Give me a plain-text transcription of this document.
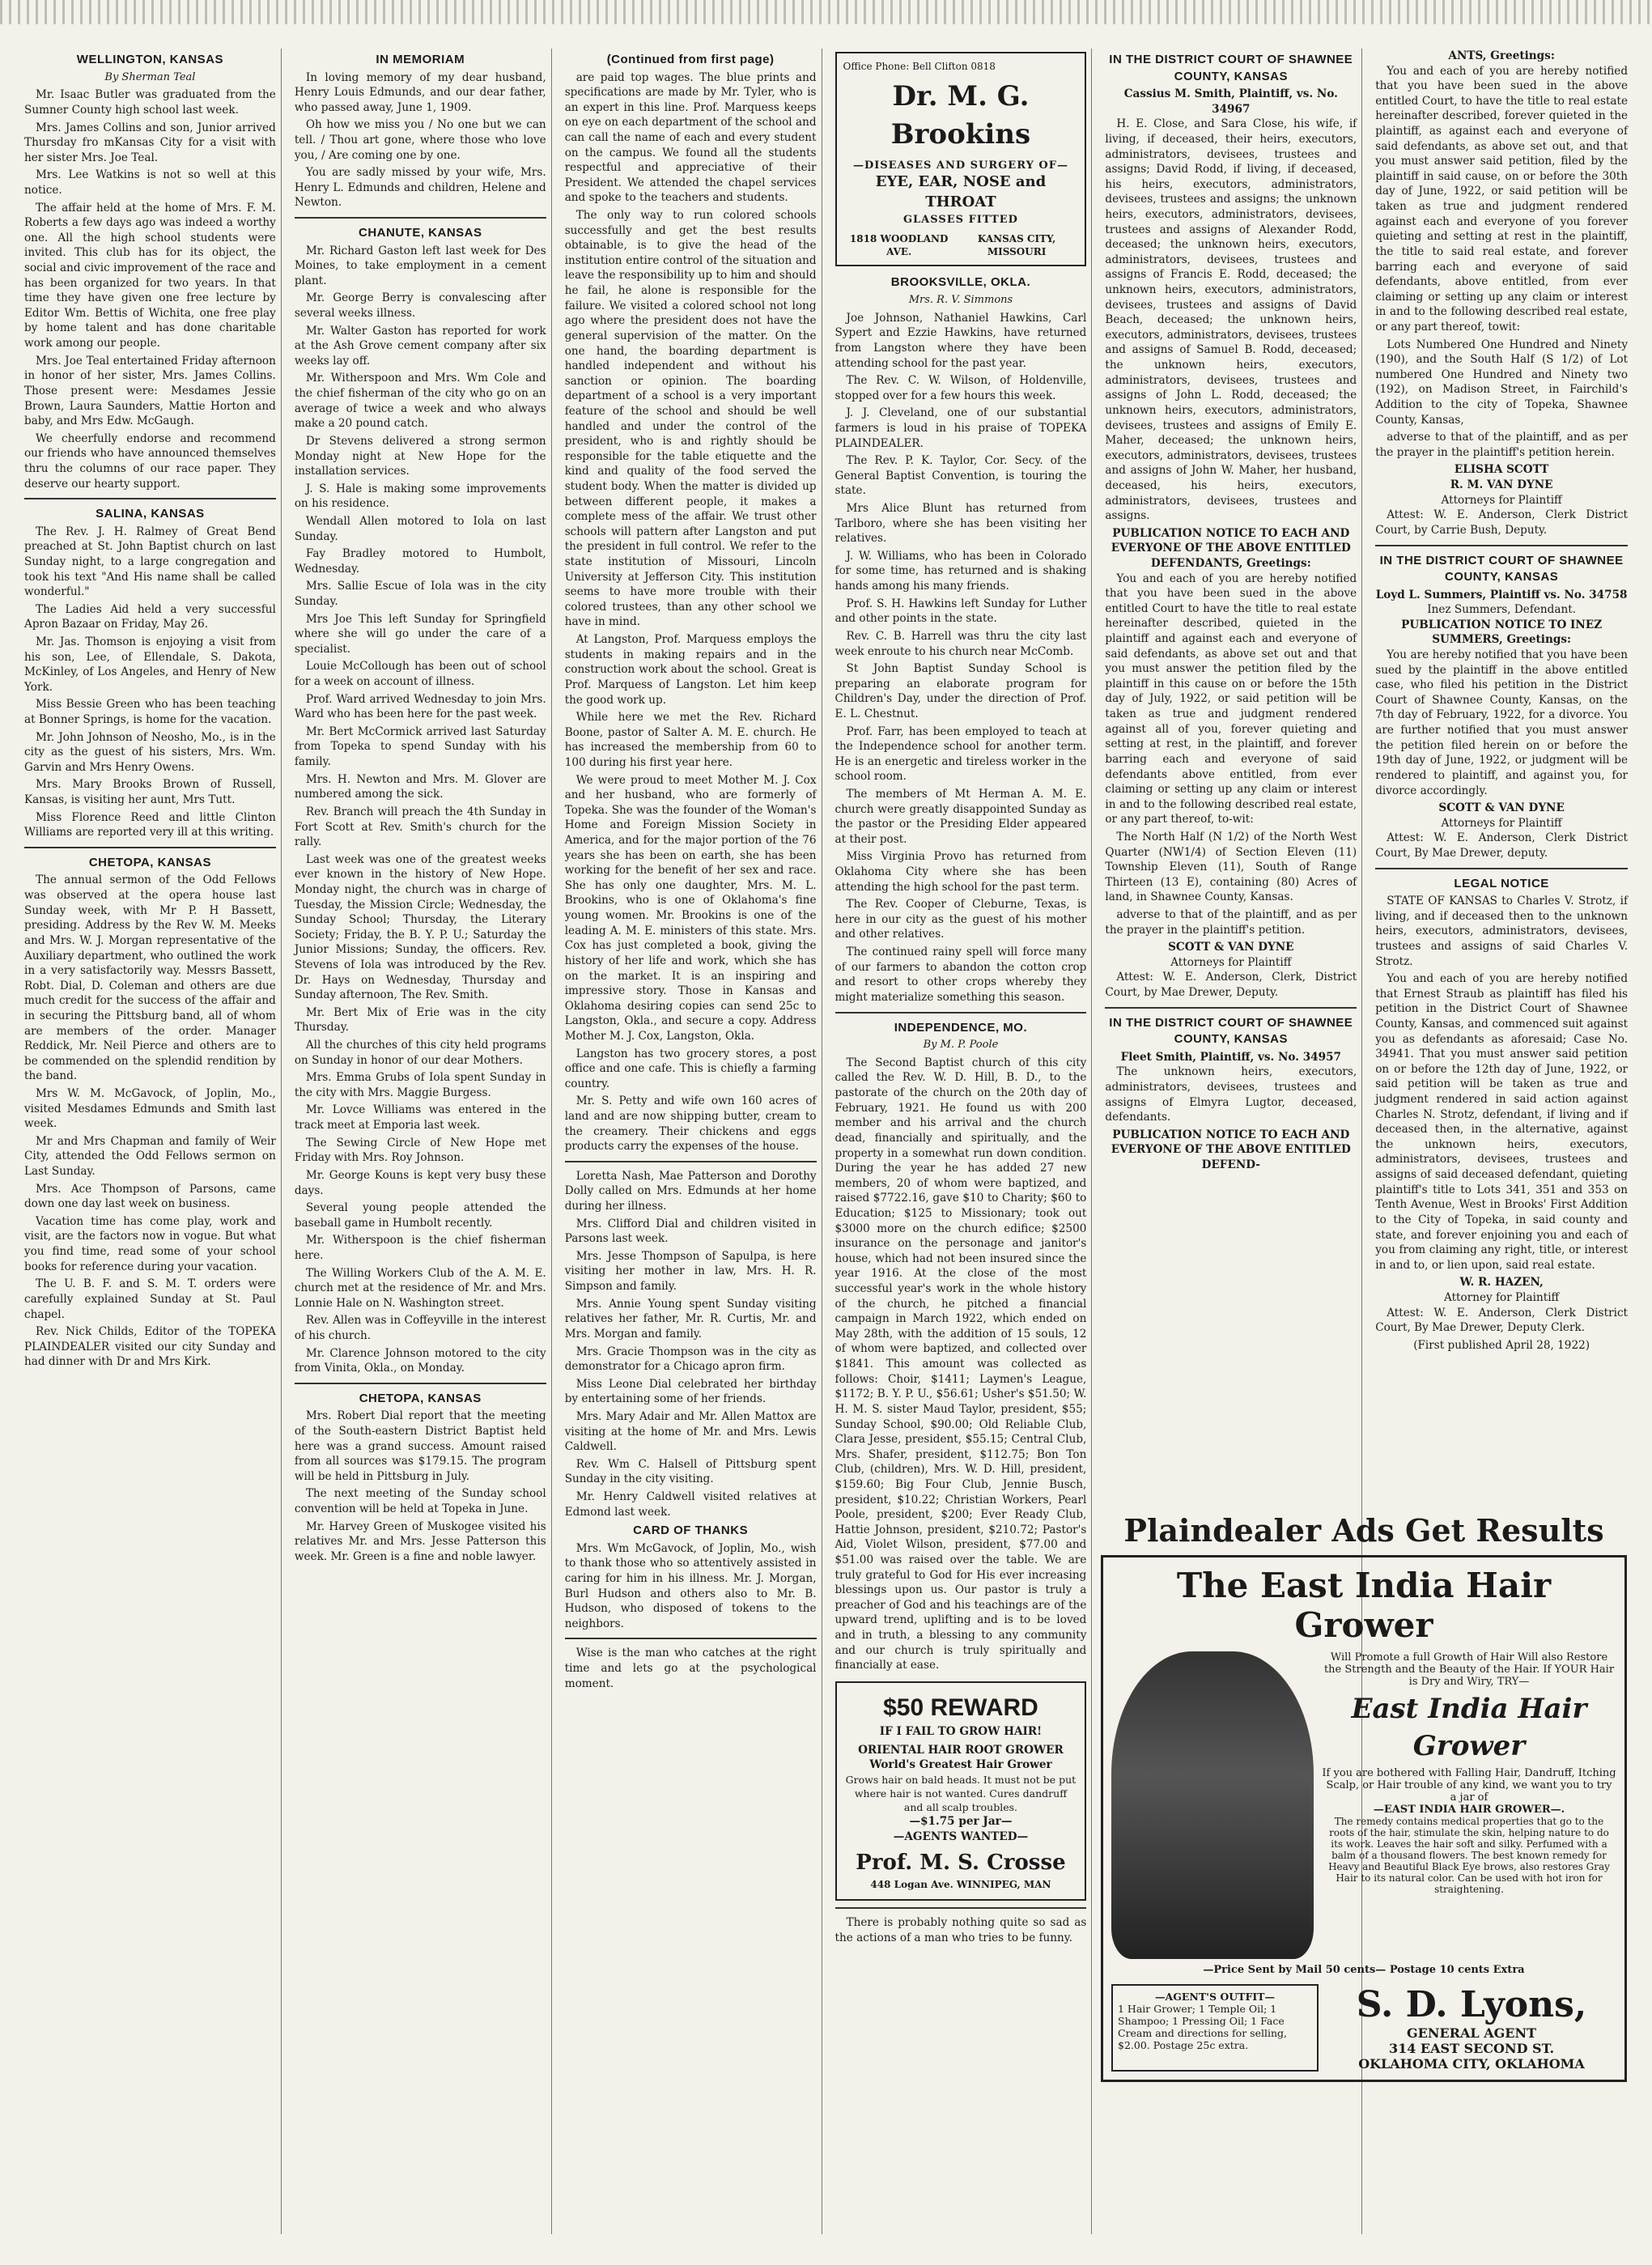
WELLINGTON, KANSAS
By Sherman Teal

Mr. Isaac Butler was graduated from the Sumner County high school last week.

Mrs. James Collins and son, Junior arrived Thursday fro mKansas City for a visit with her sister Mrs. Joe Teal.

Mrs. Lee Watkins is not so well at this notice.

The affair held at the home of Mrs. F. M. Roberts a few days ago was indeed a worthy one. All the high school students were invited. This club has for its object, the social and civic improvement of the race and has been organized for two years. In that time they have given one free lecture by Editor Wm. Bettis of Wichita, one free play by home talent and has done charitable work among our people.

Mrs. Joe Teal entertained Friday afternoon in honor of her sister, Mrs. James Collins. Those present were: Mesdames Jessie Brown, Laura Saunders, Mattie Horton and baby, and Mrs Edw. McGaugh.

We cheerfully endorse and recommend our friends who have announced themselves thru the columns of our race paper. They deserve our hearty support.

SALINA, KANSAS

The Rev. J. H. Ralmey of Great Bend preached at St. John Baptist church on last Sunday night, to a large congregation and took his text "And His name shall be called wonderful."

The Ladies Aid held a very successful Apron Bazaar on Friday, May 26.

Mr. Jas. Thomson is enjoying a visit from his son, Lee, of Ellendale, S. Dakota, McKinley, of Los Angeles, and Henry of New York.

Miss Bessie Green who has been teaching at Bonner Springs, is home for the vacation.

Mr. John Johnson of Neosho, Mo., is in the city as the guest of his sisters, Mrs. Wm. Garvin and Mrs Henry Owens.

Mrs. Mary Brooks Brown of Russell, Kansas, is visiting her aunt, Mrs Tutt.

Miss Florence Reed and little Clinton Williams are reported very ill at this writing.

CHETOPA, KANSAS

The annual sermon of the Odd Fellows was observed at the opera house last Sunday week, with Mr P. H Bassett, presiding. Address by the Rev W. M. Meeks and Mrs. W. J. Morgan representative of the Auxiliary department, who outlined the work in a very satisfactorily way. Messrs Bassett, Robt. Dial, D. Coleman and others are due much credit for the success of the affair and in securing the Pittsburg band, all of whom are members of the order. Manager Reddick, Mr. Neil Pierce and others are to be commended on the splendid rendition by the band.

Mrs W. M. McGavock, of Joplin, Mo., visited Mesdames Edmunds and Smith last week.

Mr and Mrs Chapman and family of Weir City, attended the Odd Fellows sermon on Last Sunday.

Mrs. Ace Thompson of Parsons, came down one day last week on business.

Vacation time has come play, work and visit, are the factors now in vogue. But what you find time, read some of your school books for reference during your vacation.

The U. B. F. and S. M. T. orders were carefully explained Sunday at St. Paul chapel.

Rev. Nick Childs, Editor of the TOPEKA PLAINDEALER visited our city Sunday and had dinner with Dr and Mrs Kirk.

IN MEMORIAM

In loving memory of my dear husband, Henry Louis Edmunds, and our dear father, who passed away, June 1, 1909.

Oh how we miss you / No one but we can tell. / Thou art gone, where those who love you, / Are coming one by one.

You are sadly missed by your wife, Mrs. Henry L. Edmunds and children, Helene and Newton.

CHANUTE, KANSAS

Mr. Richard Gaston left last week for Des Moines, to take employment in a cement plant.

Mr. George Berry is convalescing after several weeks illness.

Mr. Walter Gaston has reported for work at the Ash Grove cement company after six weeks lay off.

Mr. Witherspoon and Mrs. Wm Cole and the chief fisherman of the city who go on an average of twice a week and who always make a 20 pound catch.

Dr Stevens delivered a strong sermon Monday night at New Hope for the installation services.

J. S. Hale is making some improvements on his residence.

Wendall Allen motored to Iola on last Sunday.

Fay Bradley motored to Humbolt, Wednesday.

Mrs. Sallie Escue of Iola was in the city Sunday.

Mrs Joe This left Sunday for Springfield where she will go under the care of a specialist.

Louie McCollough has been out of school for a week on account of illness.

Prof. Ward arrived Wednesday to join Mrs. Ward who has been here for the past week.

Mr. Bert McCormick arrived last Saturday from Topeka to spend Sunday with his family.

Mrs. H. Newton and Mrs. M. Glover are numbered among the sick.

Rev. Branch will preach the 4th Sunday in Fort Scott at Rev. Smith's church for the rally.

Last week was one of the greatest weeks ever known in the history of New Hope. Monday night, the church was in charge of Tuesday, the Mission Circle; Wednesday, the Sunday School; Thursday, the Literary Society; Friday, the B. Y. P. U.; Saturday the Junior Missions; Sunday, the officers. Rev. Stevens of Iola was introduced by the Rev. Dr. Hays on Wednesday, Thursday and Sunday afternoon, The Rev. Smith.

Mr. Bert Mix of Erie was in the city Thursday.

All the churches of this city held programs on Sunday in honor of our dear Mothers.

Mrs. Emma Grubs of Iola spent Sunday in the city with Mrs. Maggie Burgess.

Mr. Lovce Williams was entered in the track meet at Emporia last week.

The Sewing Circle of New Hope met Friday with Mrs. Roy Johnson.

Mr. George Kouns is kept very busy these days.

Several young people attended the baseball game in Humbolt recently.

Mr. Witherspoon is the chief fisherman here.

The Willing Workers Club of the A. M. E. church met at the residence of Mr. and Mrs. Lonnie Hale on N. Washington street.

Rev. Allen was in Coffeyville in the interest of his church.

Mr. Clarence Johnson motored to the city from Vinita, Okla., on Monday.

CHETOPA, KANSAS

Mrs. Robert Dial report that the meeting of the South-eastern District Baptist held here was a grand success. Amount raised from all sources was $179.15. The program will be held in Pittsburg in July.

The next meeting of the Sunday school convention will be held at Topeka in June.

Mr. Harvey Green of Muskogee visited his relatives Mr. and Mrs. Jesse Patterson this week. Mr. Green is a fine and noble lawyer.

(Continued from first page)

are paid top wages. The blue prints and specifications are made by Mr. Tyler, who is an expert in this line. Prof. Marquess keeps on eye on each department of the school and can call the name of each and every student on the campus. We found all the students respectful and appreciative of their President. We attended the chapel services and spoke to the teachers and students.

The only way to run colored schools successfully and get the best results obtainable, is to give the head of the institution entire control of the situation and leave the responsibility up to him and should he fail, he alone is responsible for the failure. We visited a colored school not long ago where the president does not have the general supervision of the matter. On the one hand, the boarding department is handled independent and without his sanction or opinion. The boarding department of a school is a very important feature of the school and should be well handled and under the control of the president, who is and rightly should be responsible for the table etiquette and the kind and quality of the food served the student body. When the matter is divided up between different people, it makes a complete mess of the affair. We trust other schools will pattern after Langston and put the president in full control. We refer to the state institution of Missouri, Lincoln University at Jefferson City. This institution seems to have more trouble with their colored trustees, than any other school we have in mind.

At Langston, Prof. Marquess employs the students in making repairs and in the construction work about the school. Great is Prof. Marquess of Langston. Let him keep the good work up.

While here we met the Rev. Richard Boone, pastor of Salter A. M. E. church. He has increased the membership from 60 to 100 during his first year here.

We were proud to meet Mother M. J. Cox and her husband, who are formerly of Topeka. She was the founder of the Woman's Home and Foreign Mission Society in America, and for the major portion of the 76 years she has been on earth, she has been working for the benefit of her sex and race. She has only one daughter, Mrs. M. L. Brookins, who is one of Oklahoma's fine young women. Mr. Brookins is one of the leading A. M. E. ministers of this state. Mrs. Cox has just completed a book, giving the history of her life and work, which she has on the market. It is an inspiring and impressive story. Those in Kansas and Oklahoma desiring copies can send 25c to Langston, Okla., and secure a copy. Address Mother M. J. Cox, Langston, Okla.

Langston has two grocery stores, a post office and one cafe. This is chiefly a farming country.

Mr. S. Petty and wife own 160 acres of land and are now shipping butter, cream to the creamery. Their chickens and eggs products carry the expenses of the house.

Loretta Nash, Mae Patterson and Dorothy Dolly called on Mrs. Edmunds at her home during her illness.

Mrs. Clifford Dial and children visited in Parsons last week.

Mrs. Jesse Thompson of Sapulpa, is here visiting her mother in law, Mrs. H. R. Simpson and family.

Mrs. Annie Young spent Sunday visiting relatives her father, Mr. R. Curtis, Mr. and Mrs. Morgan and family.

Mrs. Gracie Thompson was in the city as demonstrator for a Chicago apron firm.

Miss Leone Dial celebrated her birthday by entertaining some of her friends.

Mrs. Mary Adair and Mr. Allen Mattox are visiting at the home of Mr. and Mrs. Lewis Caldwell.

Rev. Wm C. Halsell of Pittsburg spent Sunday in the city visiting.

Mr. Henry Caldwell visited relatives at Edmond last week.

CARD OF THANKS

Mrs. Wm McGavock, of Joplin, Mo., wish to thank those who so attentively assisted in caring for him in his illness. Mr. J. Morgan, Burl Hudson and others also to Mr. B. Hudson, who disposed of tokens to the neighbors.

Wise is the man who catches at the right time and lets go at the psychological moment.

Office Phone: Bell Clifton 0818
Dr. M. G. Brookins
—DISEASES AND SURGERY OF—
EYE, EAR, NOSE and THROAT
GLASSES FITTED
1818 WOODLAND AVE.
KANSAS CITY, MISSOURI
BROOKSVILLE, OKLA.
Mrs. R. V. Simmons

Joe Johnson, Nathaniel Hawkins, Carl Sypert and Ezzie Hawkins, have returned from Langston where they have been attending school for the past year.

The Rev. C. W. Wilson, of Holdenville, stopped over for a few hours this week.

J. J. Cleveland, one of our substantial farmers is loud in his praise of TOPEKA PLAINDEALER.

The Rev. P. K. Taylor, Cor. Secy. of the General Baptist Convention, is touring the state.

Mrs Alice Blunt has returned from Tarlboro, where she has been visiting her relatives.

J. W. Williams, who has been in Colorado for some time, has returned and is shaking hands among his many friends.

Prof. S. H. Hawkins left Sunday for Luther and other points in the state.

Rev. C. B. Harrell was thru the city last week enroute to his church near McComb.

St John Baptist Sunday School is preparing an elaborate program for Children's Day, under the direction of Prof. E. L. Chestnut.

Prof. Farr, has been employed to teach at the Independence school for another term. He is an energetic and tireless worker in the school room.

The members of Mt Herman A. M. E. church were greatly disappointed Sunday as the pastor or the Presiding Elder appeared at their post.

Miss Virginia Provo has returned from Oklahoma City where she has been attending the high school for the past term.

The Rev. Cooper of Cleburne, Texas, is here in our city as the guest of his mother and other relatives.

The continued rainy spell will force many of our farmers to abandon the cotton crop and resort to other crops whereby they might materialize something this season.

INDEPENDENCE, MO.
By M. P. Poole

The Second Baptist church of this city called the Rev. W. D. Hill, B. D., to the pastorate of the church on the 20th day of February, 1921. He found us with 200 member and his arrival and the church dead, financially and spiritually, and the property in a somewhat run down condition. During the year he has added 27 new members, 20 of whom were baptized, and raised $7722.16, gave $10 to Charity; $60 to Education; $125 to Missionary; took out $3000 more on the church edifice; $2500 insurance on the personage and janitor's house, which had not been insured since the year 1916. At the close of the most successful year's work in the whole history of the church, he pitched a financial campaign in March 1922, which ended on May 28th, with the addition of 15 souls, 12 of whom were baptized, and collected over $1841. This amount was collected as follows: Choir, $1411; Laymen's League, $1172; B. Y. P. U., $56.61; Usher's $51.50; W. H. M. S. sister Maud Taylor, president, $55; Sunday School, $90.00; Old Reliable Club, Clara Jesse, president, $55.15; Central Club, Mrs. Shafer, president, $112.75; Bon Ton Club, (children), Mrs. W. D. Hill, president, $159.60; Big Four Club, Jennie Busch, president, $10.22; Christian Workers, Pearl Poole, president, $200; Ever Ready Club, Hattie Johnson, president, $210.72; Pastor's Aid, Violet Wilson, president, $77.00 and $51.00 was raised over the table. We are truly grateful to God for His ever increasing blessings upon us. Our pastor is truly a preacher of God and his teachings are of the upward trend, uplifting and is to be loved and in truth, a blessing to any community and our church is truly spiritually and financially at ease.

$50 REWARD
IF I FAIL TO GROW HAIR!
ORIENTAL HAIR ROOT GROWER
World's Greatest Hair Grower
Grows hair on bald heads. It must not be put where hair is not wanted. Cures dandruff and all scalp troubles.
—$1.75 per Jar—
—AGENTS WANTED—
Prof. M. S. Crosse
448 Logan Ave. WINNIPEG, MAN

There is probably nothing quite so sad as the actions of a man who tries to be funny.

IN THE DISTRICT COURT OF SHAWNEE COUNTY, KANSAS
Cassius M. Smith, Plaintiff, vs. No. 34967

H. E. Close, and Sara Close, his wife, if living, if deceased, their heirs, executors, administrators, devisees, trustees and assigns; David Rodd, if living, if deceased, his heirs, executors, administrators, devisees, trustees and assigns; the unknown heirs, executors, administrators, devisees, trustees and assigns of Alexander Rodd, deceased; the unknown heirs, executors, administrators, devisees, trustees and assigns of Francis E. Rodd, deceased; the unknown heirs, executors, administrators, devisees, trustees and assigns of David Beach, deceased; the unknown heirs, executors, administrators, devisees, trustees and assigns of Samuel B. Rodd, deceased; the unknown heirs, executors, administrators, devisees, trustees and assigns of John L. Rodd, deceased; the unknown heirs, executors, administrators, devisees, trustees and assigns of Emily E. Maher, deceased; the unknown heirs, executors, administrators, devisees, trustees and assigns of John W. Maher, her husband, deceased, his heirs, executors, administrators, devisees, trustees and assigns.

PUBLICATION NOTICE TO EACH AND EVERYONE OF THE ABOVE ENTITLED DEFENDANTS, Greetings:

You and each of you are hereby notified that you have been sued in the above entitled Court to have the title to real estate hereinafter described, quieted in the plaintiff and against each and everyone of said defendants, as above set out and that you must answer the petition filed by the plaintiff in this cause on or before the 15th day of July, 1922, or said petition will be taken as true and judgment rendered against all of you, forever quieting and setting at rest, in the plaintiff, and forever barring each and everyone of said defendants above entitled, from ever claiming or setting up any claim or interest in and to the following described real estate, or any part thereof, to-wit:

The North Half (N 1/2) of the North West Quarter (NW1/4) of Section Eleven (11) Township Eleven (11), South of Range Thirteen (13 E), containing (80) Acres of land, in Shawnee County, Kansas.

adverse to that of the plaintiff, and as per the prayer in the plaintiff's petition.

SCOTT & VAN DYNE
Attorneys for Plaintiff

Attest: W. E. Anderson, Clerk, District Court, by Mae Drewer, Deputy.

IN THE DISTRICT COURT OF SHAWNEE COUNTY, KANSAS
Fleet Smith, Plaintiff, vs. No. 34957

The unknown heirs, executors, administrators, devisees, trustees and assigns of Elmyra Lugtor, deceased, defendants.

PUBLICATION NOTICE TO EACH AND EVERYONE OF THE ABOVE ENTITLED DEFEND-
ANTS, Greetings:

You and each of you are hereby notified that you have been sued in the above entitled Court, to have the title to real estate hereinafter described, forever quieted in the plaintiff, as against each and everyone of said defendants, as above set out, and that you must answer said petition, filed by the plaintiff in said cause, on or before the 30th day of June, 1922, or said petition will be taken as true and judgment rendered against each and everyone of you forever quieting and setting at rest in the plaintiff, the title to said real estate, and forever barring each and everyone of said defendants, above entitled, from ever claiming or setting up any claim or interest in and to the following described real estate, or any part thereof, towit:

Lots Numbered One Hundred and Ninety (190), and the South Half (S 1/2) of Lot numbered One Hundred and Ninety two (192), on Madison Street, in Fairchild's Addition to the city of Topeka, Shawnee County, Kansas,

adverse to that of the plaintiff, and as per the prayer in the plaintiff's petition herein.

ELISHA SCOTT
R. M. VAN DYNE
Attorneys for Plaintiff

Attest: W. E. Anderson, Clerk District Court, by Carrie Bush, Deputy.

IN THE DISTRICT COURT OF SHAWNEE COUNTY, KANSAS
Loyd L. Summers, Plaintiff vs. No. 34758
Inez Summers, Defendant.
PUBLICATION NOTICE TO INEZ SUMMERS, Greetings:

You are hereby notified that you have been sued by the plaintiff in the above entitled case, who filed his petition in the District Court of Shawnee County, Kansas, on the 7th day of February, 1922, for a divorce. You are further notified that you must answer the petition filed herein on or before the 19th day of June, 1922, or judgment will be rendered to plaintiff, and against you, for divorce accordingly.

SCOTT & VAN DYNE
Attorneys for Plaintiff

Attest: W. E. Anderson, Clerk District Court, By Mae Drewer, deputy.

LEGAL NOTICE

STATE OF KANSAS to Charles V. Strotz, if living, and if deceased then to the unknown heirs, executors, administrators, devisees, trustees and assigns of said Charles V. Strotz.

You and each of you are hereby notified that Ernest Straub as plaintiff has filed his petition in the District Court of Shawnee County, Kansas, and commenced suit against you as defendants as aforesaid; Case No. 34941. That you must answer said petition on or before the 12th day of June, 1922, or said petition will be taken as true and judgment rendered in said action against Charles N. Strotz, defendant, if living and if deceased then, in the alternative, against the unknown heirs, executors, administrators, devisees, trustees and assigns of said deceased defendant, quieting plaintiff's title to Lots 341, 351 and 353 on Tenth Avenue, West in Brooks' First Addition to the City of Topeka, in said county and state, and forever enjoining you and each of you from claiming any right, title, or interest in and to, or lien upon, said real estate.

W. R. HAZEN,
Attorney for Plaintiff

Attest: W. E. Anderson, Clerk District Court, By Mae Drewer, Deputy Clerk.

(First published April 28, 1922)
Plaindealer Ads Get Results
The East India Hair Grower
Will Promote a full Growth of Hair Will also Restore the Strength and the Beauty of the Hair. If YOUR Hair is Dry and Wiry, TRY—
East India Hair
Grower
If you are bothered with Falling Hair, Dandruff, Itching Scalp, or Hair trouble of any kind, we want you to try a jar of
—EAST INDIA HAIR GROWER—.
The remedy contains medical properties that go to the roots of the hair, stimulate the skin, helping nature to do its work. Leaves the hair soft and silky. Perfumed with a balm of a thousand flowers. The best known remedy for Heavy and Beautiful Black Eye brows, also restores Gray Hair to its natural color. Can be used with hot iron for straightening.
—Price Sent by Mail 50 cents— Postage 10 cents Extra
—AGENT'S OUTFIT—
1 Hair Grower; 1 Temple Oil; 1 Shampoo; 1 Pressing Oil; 1 Face Cream and directions for selling, $2.00. Postage 25c extra.
S. D. Lyons,
GENERAL AGENT
314 EAST SECOND ST.
OKLAHOMA CITY, OKLAHOMA
